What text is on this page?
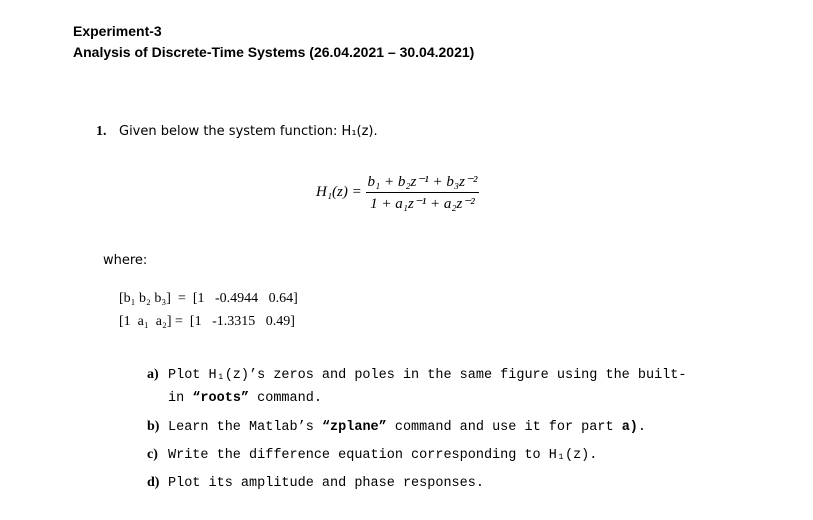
Experiment-3
Analysis of Discrete-Time Systems (26.04.2021 – 30.04.2021)
1. Given below the system function: H₁(z).
$H_1(z) = \frac{\text{b₁ + b₂z⁻¹ + b₃z⁻²}}{\text{1 + a₁z⁻¹ + a₂z⁻²}}$
where:
[b₁ b₂ b₃]  =  [1   -0.4944   0.64]
[1  a₁  a₂] =  [1   -1.3315   0.49]
a) Plot H₁(z)’s zeros and poles in the same figure using the built-
in “roots” command.
b) Learn the Matlab’s “zplane” command and use it for part a).
c) Write the difference equation corresponding to H₁(z).
d) Plot its amplitude and phase responses.
